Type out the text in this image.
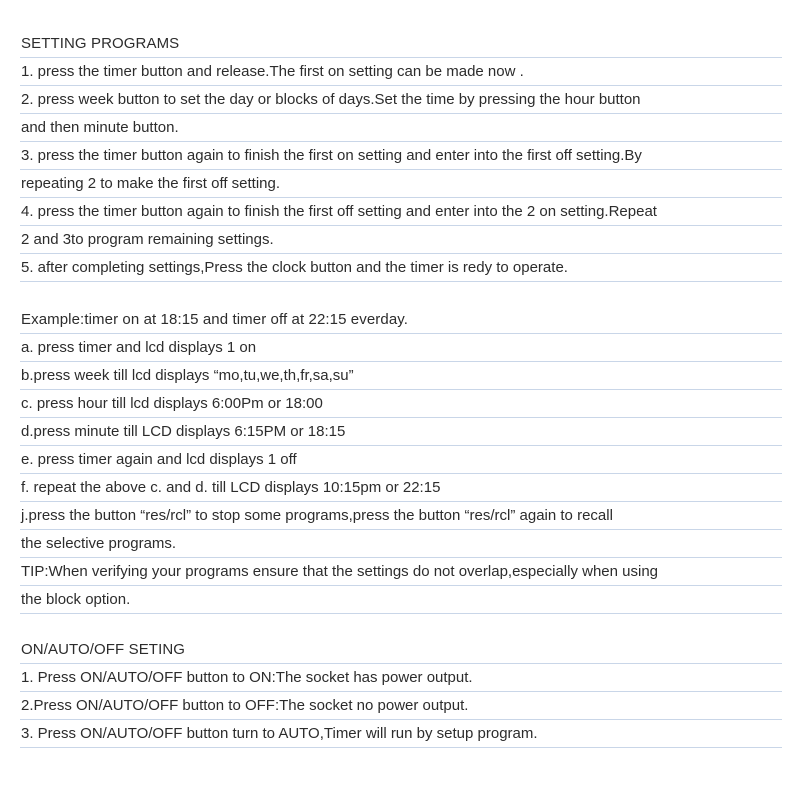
SETTING PROGRAMS
1. press the timer button and release.The first on setting can be made now .
2. press week button to set the day or blocks of days.Set the time by pressing the hour button
and then minute button.
3. press the timer button again to finish the first on setting and enter into the first off setting.By
repeating 2 to make the first off setting.
4. press the timer button again to finish the first off setting and enter into the 2 on setting.Repeat
2 and 3to program remaining settings.
5. after completing settings,Press the clock button and the timer is redy to operate.
Example:timer on at 18:15 and timer off at 22:15 everday.
a. press timer and lcd displays 1 on
b.press week till lcd displays “mo,tu,we,th,fr,sa,su”
c. press hour till lcd displays 6:00Pm or 18:00
d.press minute till LCD displays 6:15PM or 18:15
e. press timer again and lcd displays 1 off
f. repeat the above c. and d. till LCD displays 10:15pm or 22:15
j.press the button “res/rcl” to stop some programs,press the button “res/rcl” again to recall
the selective programs.
TIP:When verifying your programs ensure that the settings do not overlap,especially when using
the block option.
ON/AUTO/OFF SETING
1. Press ON/AUTO/OFF button to ON:The socket has power output.
2.Press ON/AUTO/OFF button to OFF:The socket no power output.
3. Press ON/AUTO/OFF button turn to AUTO,Timer will run by setup program.
